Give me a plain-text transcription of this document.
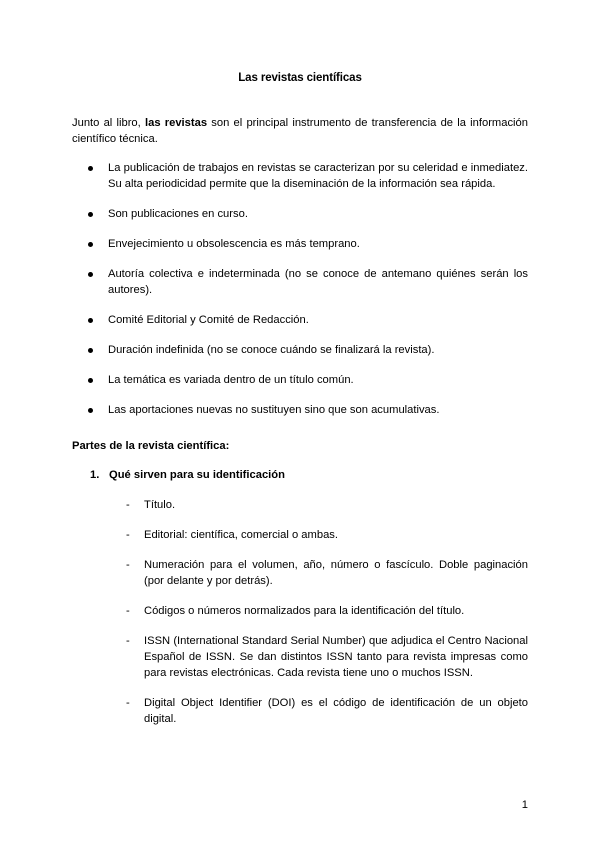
Las revistas científicas

Junto al libro, las revistas son el principal instrumento de transferencia de la información científico técnica.

La publicación de trabajos en revistas se caracterizan por su celeridad e inmediatez. Su alta periodicidad permite que la diseminación de la información sea rápida.
Son publicaciones en curso.
Envejecimiento u obsolescencia es más temprano.
Autoría colectiva e indeterminada (no se conoce de antemano quiénes serán los autores).
Comité Editorial y Comité de Redacción.
Duración indefinida (no se conoce cuándo se finalizará la revista).
La temática es variada dentro de un título común.
Las aportaciones nuevas no sustituyen sino que son acumulativas.
Partes de la revista científica:
1. Qué sirven para su identificación
- Título.
- Editorial: científica, comercial o ambas.
- Numeración para el volumen, año, número o fascículo. Doble paginación (por delante y por detrás).
- Códigos o números normalizados para la identificación del título.
- ISSN (International Standard Serial Number) que adjudica el Centro Nacional Español de ISSN. Se dan distintos ISSN tanto para revista impresas como para revistas electrónicas. Cada revista tiene uno o muchos ISSN.
- Digital Object Identifier (DOI) es el código de identificación de un objeto digital.
1
